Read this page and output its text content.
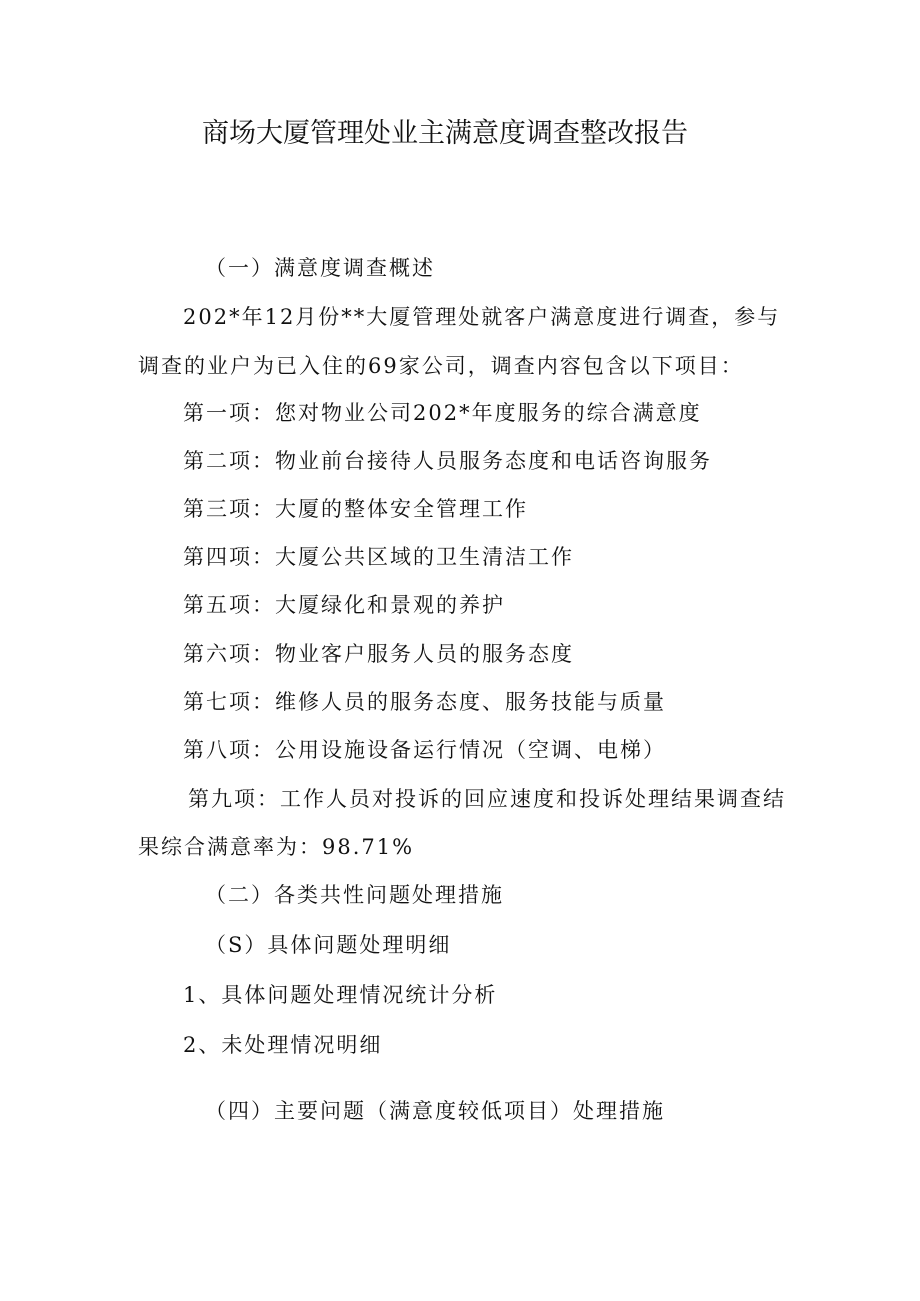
商场大厦管理处业主满意度调查整改报告
（一）满意度调查概述
202*年12月份**大厦管理处就客户满意度进行调查，参与
调查的业户为已入住的69家公司，调查内容包含以下项目：
第一项：您对物业公司202*年度服务的综合满意度
第二项：物业前台接待人员服务态度和电话咨询服务
第三项：大厦的整体安全管理工作
第四项：大厦公共区域的卫生清洁工作
第五项：大厦绿化和景观的养护
第六项：物业客户服务人员的服务态度
第七项：维修人员的服务态度、服务技能与质量
第八项：公用设施设备运行情况（空调、电梯）
第九项：工作人员对投诉的回应速度和投诉处理结果调查结
果综合满意率为：98.71%
（二）各类共性问题处理措施
（S）具体问题处理明细
1、具体问题处理情况统计分析
2、未处理情况明细
（四）主要问题（满意度较低项目）处理措施
